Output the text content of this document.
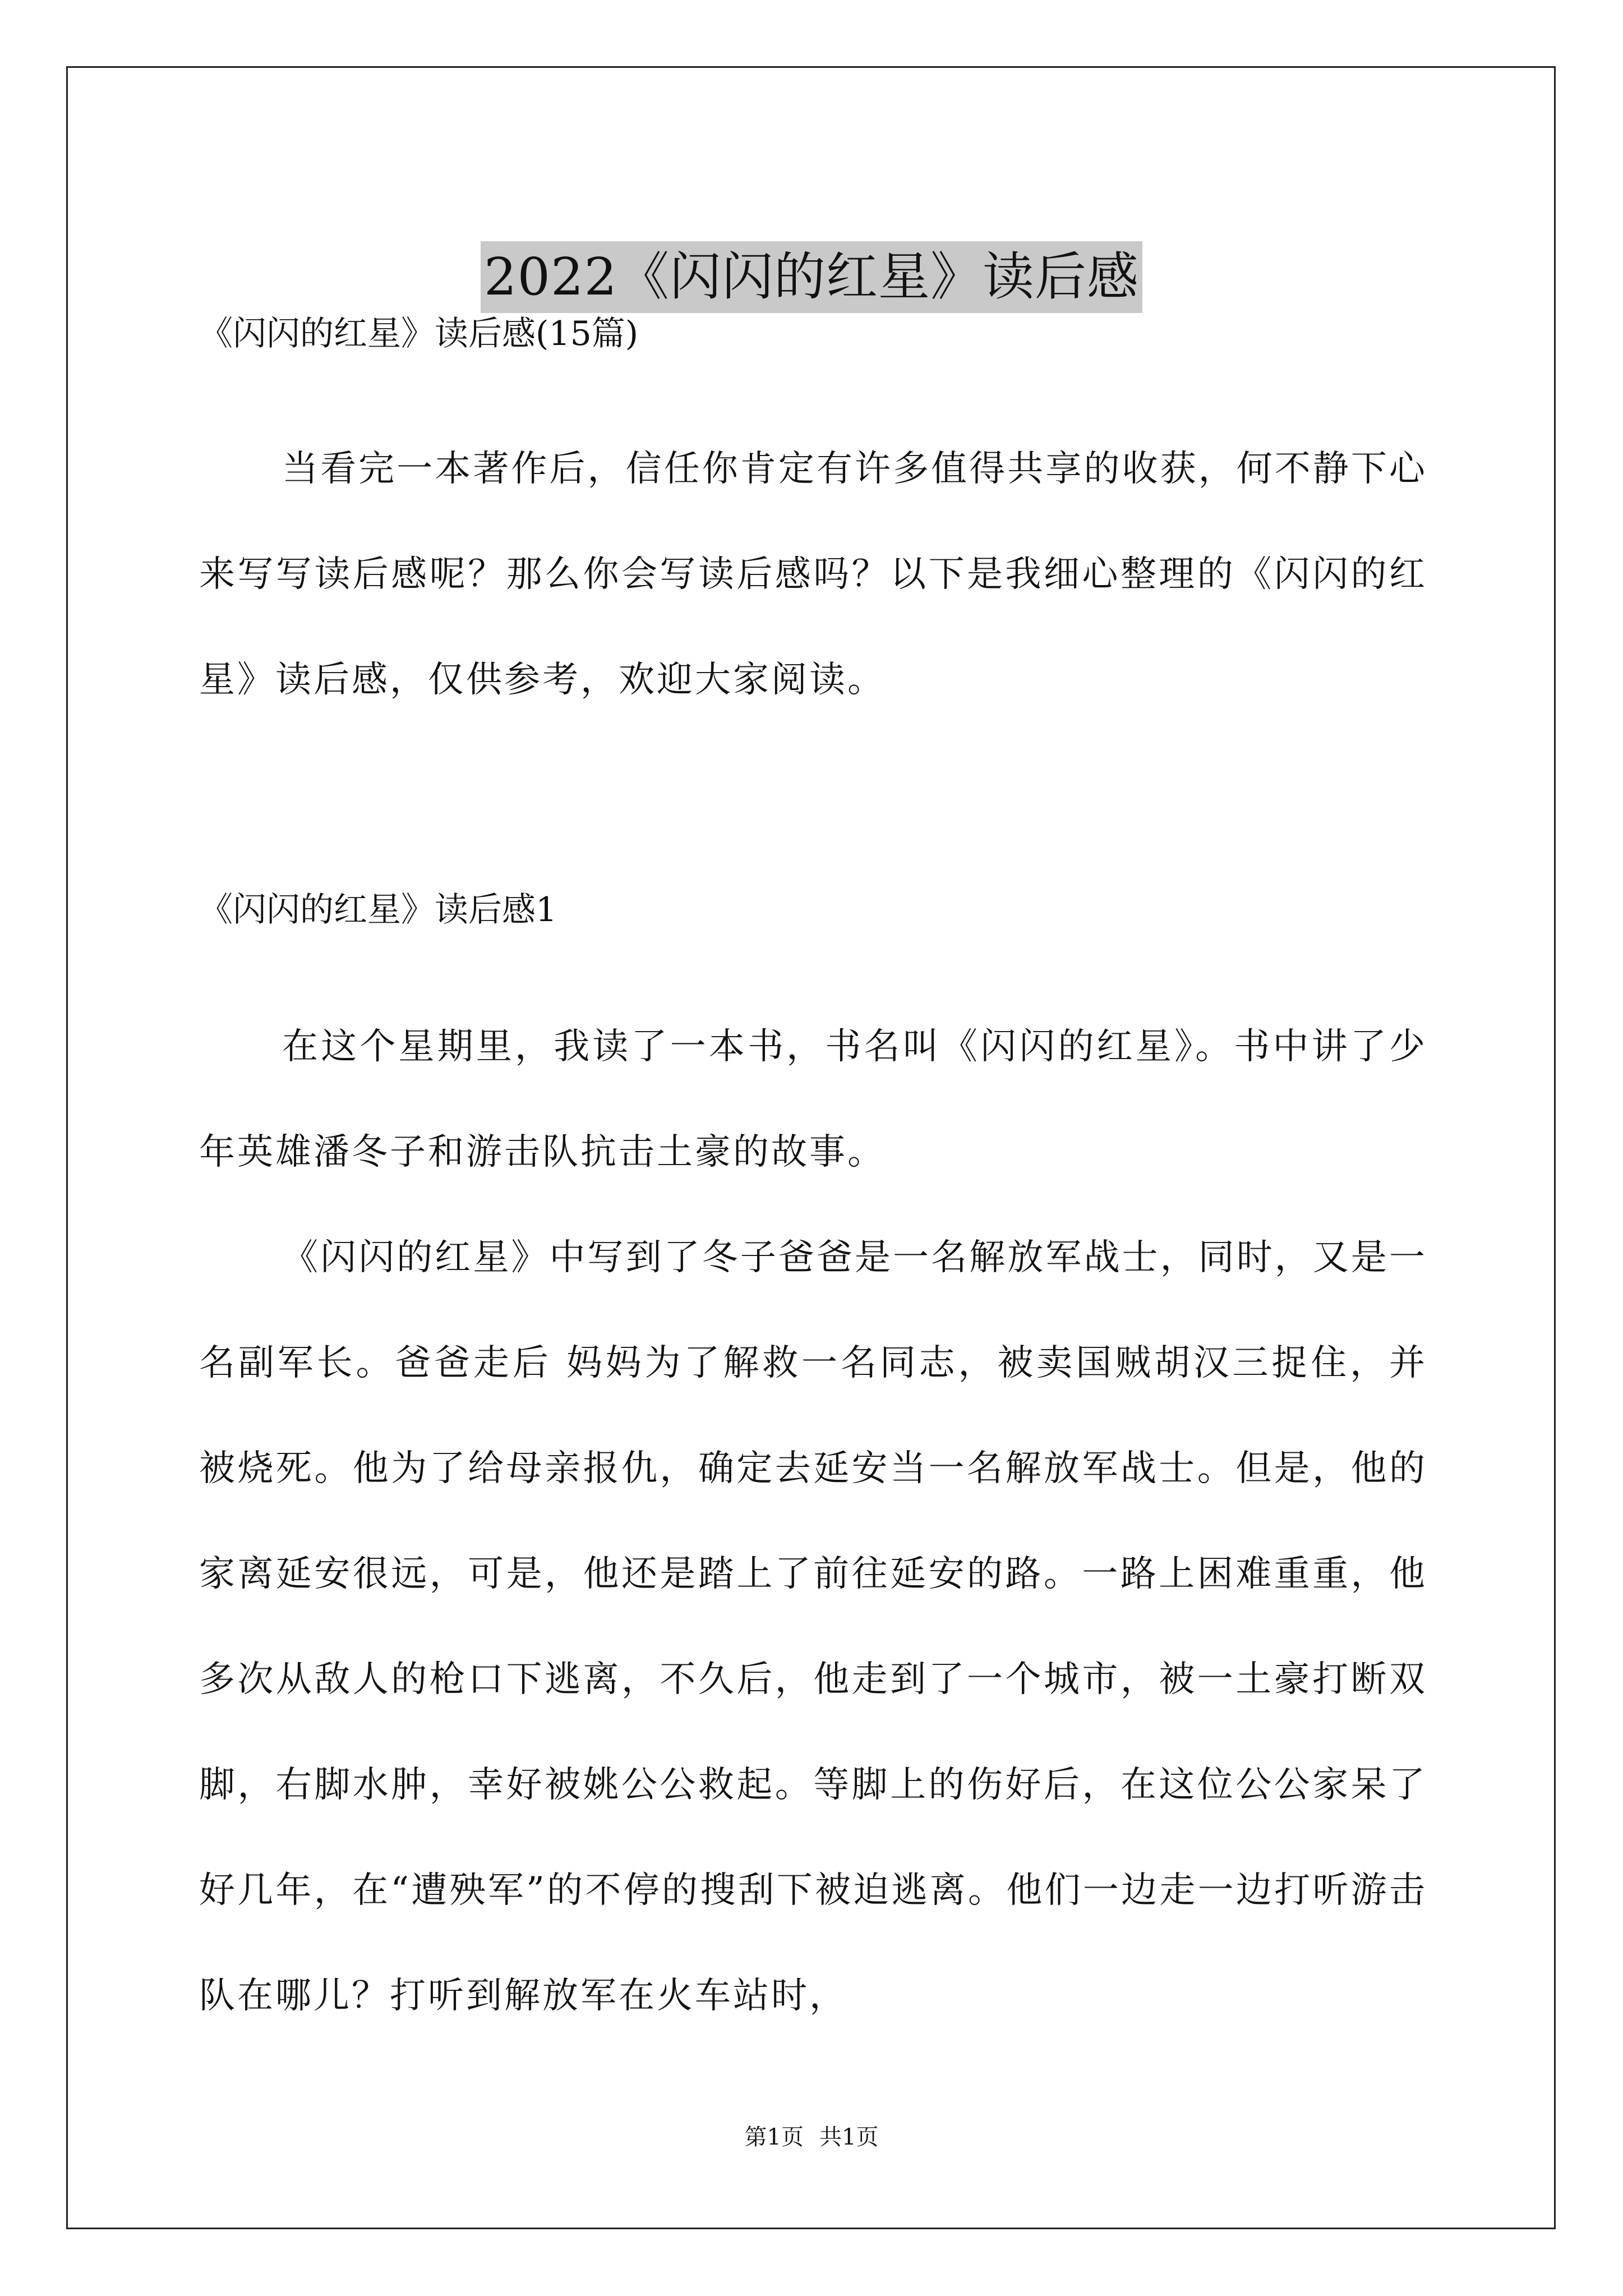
2022《闪闪的红星》读后感
《闪闪的红星》读后感(15篇)

当看完一本著作后，信任你肯定有许多值得共享的收获，何不静下心来写写读后感呢？那么你会写读后感吗？以下是我细心整理的《闪闪的红星》读后感，仅供参考，欢迎大家阅读。

《闪闪的红星》读后感1

在这个星期里，我读了一本书，书名叫《闪闪的红星》。书中讲了少年英雄潘冬子和游击队抗击土豪的故事。

《闪闪的红星》中写到了冬子爸爸是一名解放军战士，同时，又是一名副军长。爸爸走后 妈妈为了解救一名同志，被卖国贼胡汉三捉住，并被烧死。他为了给母亲报仇，确定去延安当一名解放军战士。但是，他的家离延安很远，可是，他还是踏上了前往延安的路。一路上困难重重，他多次从敌人的枪口下逃离，不久后，他走到了一个城市，被一土豪打断双脚，右脚水肿，幸好被姚公公救起。等脚上的伤好后，在这位公公家呆了好几年，在“遭殃军”的不停的搜刮下被迫逃离。他们一边走一边打听游击队在哪儿？打听到解放军在火车站时，

第1页 共1页
